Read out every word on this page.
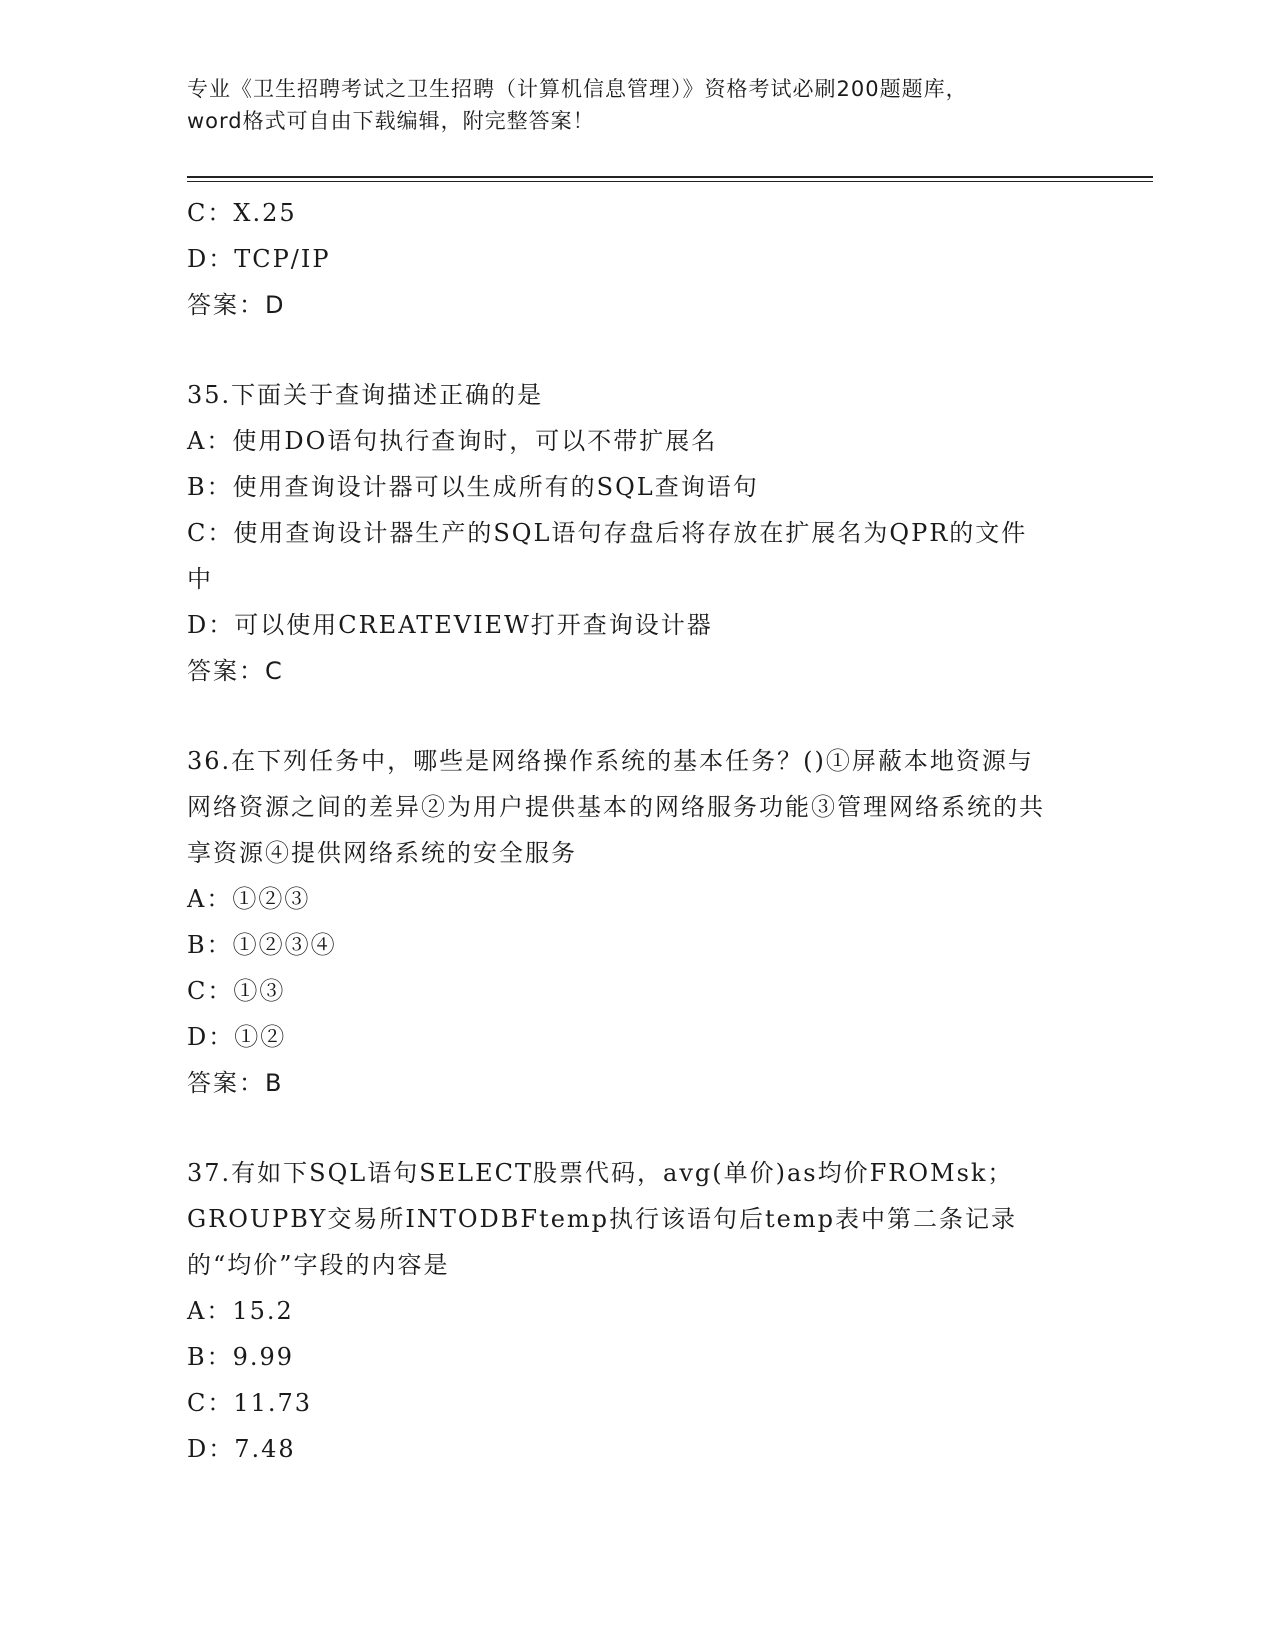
专业《卫生招聘考试之卫生招聘（计算机信息管理）》资格考试必刷200题题库，
word格式可自由下载编辑，附完整答案！
C：X.25
D：TCP/IP
答案：D
35.下面关于查询描述正确的是
A：使用DO语句执行查询时，可以不带扩展名
B：使用查询设计器可以生成所有的SQL查询语句
C：使用查询设计器生产的SQL语句存盘后将存放在扩展名为QPR的文件中
D：可以使用CREATEVIEW打开查询设计器
答案：C
36.在下列任务中，哪些是网络操作系统的基本任务？()①屏蔽本地资源与网络资源之间的差异②为用户提供基本的网络服务功能③管理网络系统的共享资源④提供网络系统的安全服务
A：①②③
B：①②③④
C：①③
D：①②
答案：B
37.有如下SQL语句SELECT股票代码，avg(单价)as均价FROMsk；GROUPBY交易所INTODBFtemp执行该语句后temp表中第二条记录的“均价”字段的内容是
A：15.2
B：9.99
C：11.73
D：7.48
